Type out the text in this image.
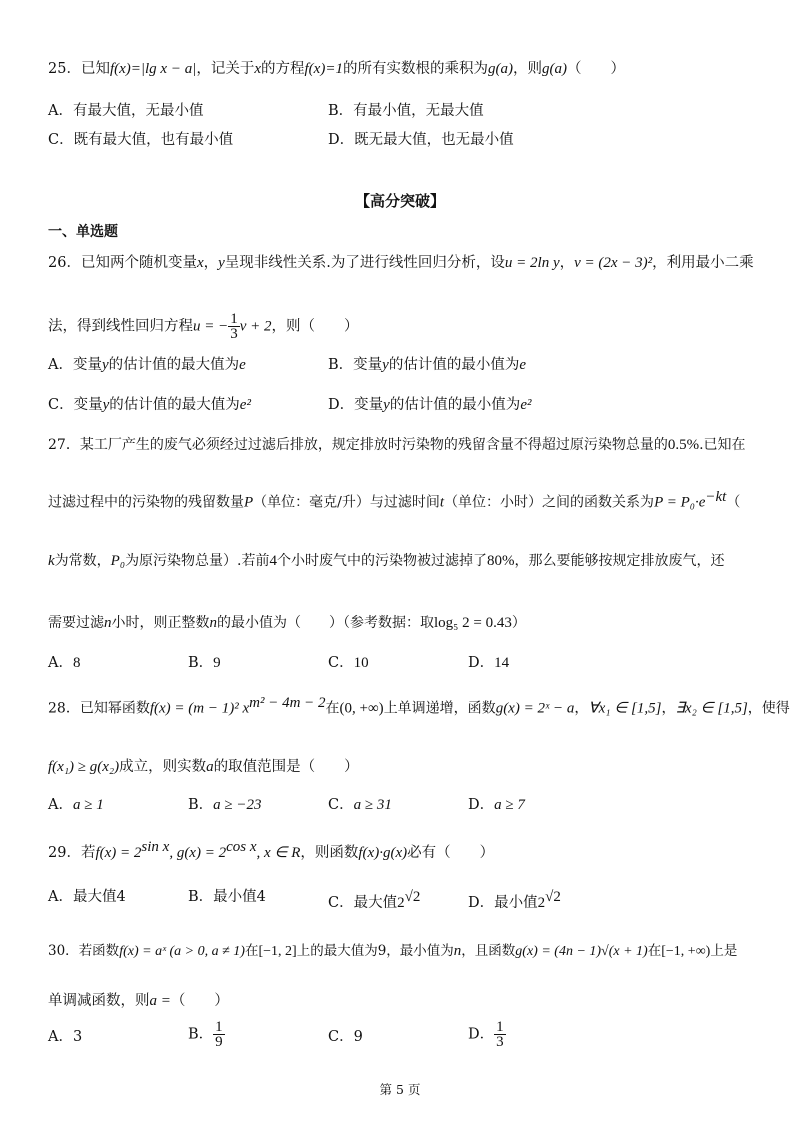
25．已知f(x)=|lg x − a|，记关于x的方程f(x)=1的所有实数根的乘积为g(a)，则g(a)（　　）
A．有最大值，无最小值	B．有最小值，无最大值
C．既有最大值，也有最小值	D．既无最大值，也无最小值
【高分突破】
一、单选题
26．已知两个随机变量x，y呈现非线性关系.为了进行线性回归分析，设u = 2ln y，v = (2x − 3)²，利用最小二乘
法，得到线性回归方程u = − $\frac{1}{3}$ v + 2，则（　　）
A．变量y的估计值的最大值为e	B．变量y的估计值的最小值为e
C．变量y的估计值的最大值为e²	D．变量y的估计值的最小值为e²
27．某工厂产生的废气必须经过过滤后排放，规定排放时污染物的残留含量不得超过原污染物总量的0.5%.已知在
过滤过程中的污染物的残留数量P（单位：毫克/升）与过滤时间t（单位：小时）之间的函数关系为$P = P_0\cdot e^{-kt}$（
k为常数，P₀为原污染物总量）.若前4个小时废气中的污染物被过滤掉了80%，那么要能够按规定排放废气，还
需要过滤n小时，则正整数n的最小值为（　　）（参考数据：取log₅ 2 = 0.43）
A．8	B．9	C．10	D．14
28．已知幂函数f(x) = (m − 1)² $x^{m^2 - 4m - 2}$在(0, +∞)上单调递增，函数g(x) = 2ˣ − a，∀x₁ ∈ [1,5]，∃x₂ ∈ [1,5]，使得
f(x₁) ≥ g(x₂)成立，则实数a的取值范围是（　　）
A．a ≥ 1	B．a ≥ −23	C．a ≥ 31	D．a ≥ 7
29．若$f(x) = 2^{sin x}$, $g(x) = 2^{cos x}$, x ∈ R，则函数f(x)·g(x)必有（　　）
A．最大值4	B．最小值4	C．最大值$2^{√2}$	D．最小值$2^{√2}$
30．若函数f(x) = aˣ (a > 0, a ≠ 1)在[−1, 2]上的最大值为9，最小值为n，且函数g(x) = (4n − 1)√(x + 1)在[−1, +∞)上是
单调减函数，则a =（　　）
A．3	B． $\frac{1}{9}$	C．9	D． $\frac{1}{3}$
第 5 页
